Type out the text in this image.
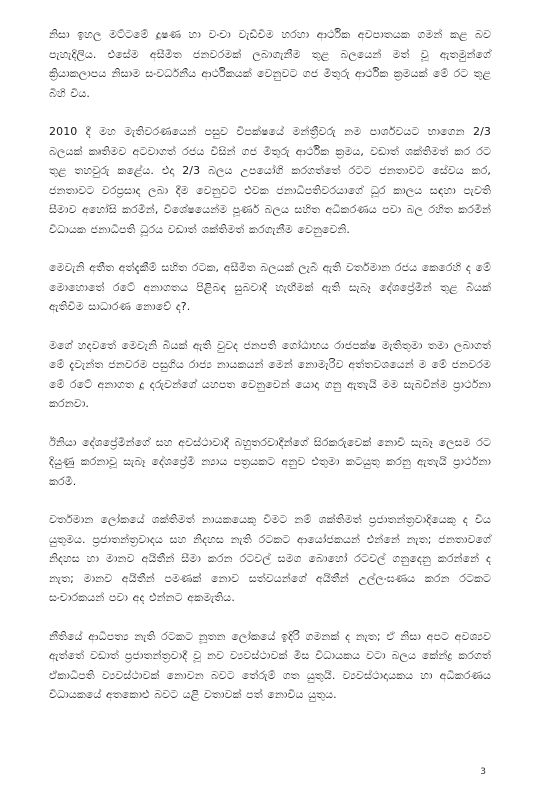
නිසා ඉහල මට්ටමේ දූෂණ හා වංචා වැඩිවීම හරහා ආර්ථික අවපාතයක ගමන් කළ බව පැහැදිලිය. එසේම අසීමිත ජනවරමක් ලබාගැනීම තුළ බලයෙන් මත් වූ ඇතමුන්ගේ ක්‍රියාකලාපය නිසාම සංවර්ධනීය ආර්ථිකයක් වෙනුවට ගජ මිතුරු ආර්ථික ක්‍රමයක් මේ රට තුළ බිහි විය.

2010 දී මහ මැතිවරණයෙන් පසුව විපක්ෂයේ මන්ත්‍රීවරු නම පාර්ශවයට භාගෙන 2/3 බලයක් කෘතිමව අටවාගත් රජය විසින් ගජ මිතුරු ආර්ථික ක්‍රමය, වඩාත් ශක්තිමත් කර රට තුළ තහවුරු කළේය. එදා 2/3 බලය උපයෝගි කරගත්තේ රටට ජනතාවට සේවය කර, ජනතාවට වරප්‍රසාද ලබා දීම වෙනුවට එවක ජනාධිපතිවරයාගේ ධූර කාලය සඳහා පැවති සීමාව අහෝසි කරමින්, විශේෂයෙන්ම පූර්ණ බලය සහිත අධිකරණය පවා බල රහිත කරමින් විධායක ජනාධිපති ධූරය වඩාත් ශක්තිමත් කරගැනීම වෙනුවෙනි.

මෙවැනි අතීත අත්දැකීම් සහිත රටක, අසීමිත බලයක් ලැබී ඇති වර්තමාන රජය කෙරෙහි ද මේ මොහොතේ රටේ අනාගතය පිළිබඳ සුබවාදී හැඟීමක් ඇති සැබෑ දේශප්‍රේමීන් තුළ බියක් ඇතිවීම සාධාරණ නොවේ ද?.

මගේ හදවතේ මෙවැනි බියක් ඇති වුවද ජනපති ගෝඨාභය රාජපක්ෂ මැතිතුමා තමා ලබාගත් මේ දැවැන්ත ජනවරම පසුගිය රාජ්‍ය නායකයන් මෙන් නොමැරිව අත්තවශයෙන් ම මේ ජනවරම මේ රටේ අනාගත දූ දරුවන්ගේ යහපත වෙනුවෙන් යොදා ගනු ඇතැයි මම සැබවින්ම ප්‍රාර්ථනා කරනවා.

ඊනියා දේශප්‍රේමීන්ගේ සහ අවස්ථාවාදී බහුතරවාදීන්ගේ සිරකරුවෙක් නොවී සැබෑ ලෙසම රට දියුණු කරනාවූ සැබෑ දේශප්‍රේමී න්‍යාය පත්‍රයකට අනුව එතුමා කටයුතු කරනු ඇතැයි ප්‍රාර්ථනා කරමි.

වර්තමාන ලෝකයේ ශක්තිමත් නායකයෙකු වීමට නම් ශක්තිමත් ප්‍රජාතන්ත්‍රවාදියෙකු ද විය යුතුමය. ප්‍රජාතන්ත්‍රවාදය සහ නිදහස නැති රටකට ආයෝජකයන් එන්නේ නැත; ජනතාවගේ නිදහස හා මානව අයිතීන් සීමා කරන රටවල් සමග බොහෝ රටවල් ගනුදෙනු කරන්නේ ද නැත; මානව අයිතීන් පමණක් නොව සත්වයන්ගේ අයිතීන් උල්ලංඝණය කරන රටකට සංචාරකයන් පවා අද එන්නට අකමැතිය.

නීතියේ ආධිපත්‍ය නැති රටකට නූතන ලෝකයේ ඉදිරි ගමනක් ද නැත; ඒ නිසා අපට අවශ්‍යව ඇත්තේ වඩාත් ප්‍රජාතන්ත්‍රවාදී වූ නව ව්‍යවස්ථාවක් මිස විධායකය වටා බලය කේන්ද්‍ර කරගත් ඒකාධිපති ව්‍යවස්ථාවක් නොවන බවට තේරුම් ගත යුතුයි. ව්‍යවස්ථාදායකය හා අධිකරණය විධායකයේ අතකොළු බවට යළි වතාවක් පත් නොවිය යුතුය.

3
